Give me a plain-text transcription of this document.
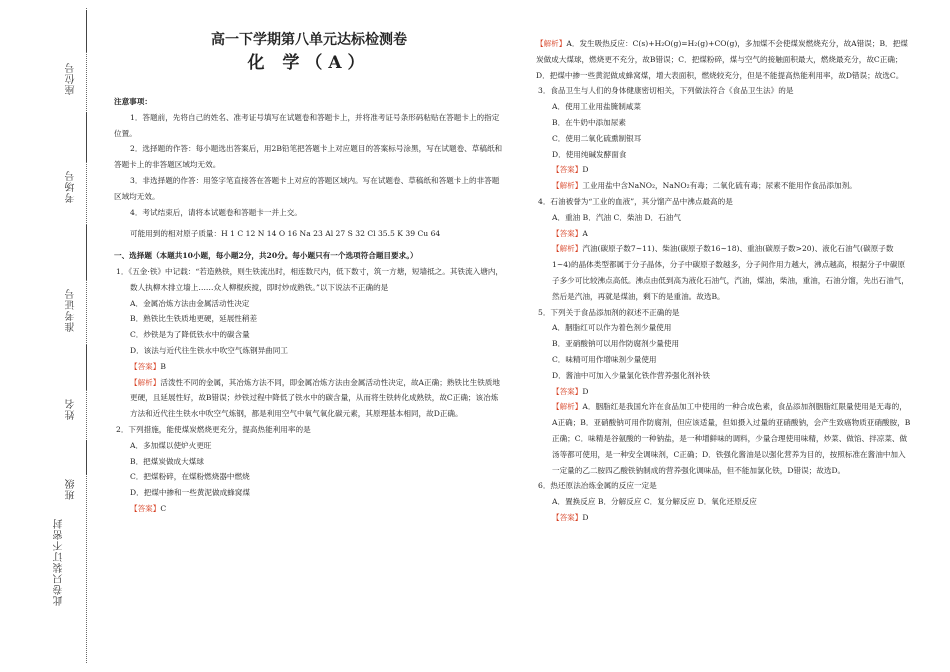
座位号
考场号
准考证号
姓名
班级
此卷只装订不密封
高一下学期第八单元达标检测卷
化 学（A）

注意事项：

1．答题前，先将自己的姓名、准考证号填写在试题卷和答题卡上，并将准考证号条形码粘贴在答题卡上的指定位置。

2．选择题的作答：每小题选出答案后，用2B铅笔把答题卡上对应题目的答案标号涂黑，写在试题卷、草稿纸和答题卡上的非答题区域均无效。

3．非选择题的作答：用签字笔直接答在答题卡上对应的答题区域内。写在试题卷、草稿纸和答题卡上的非答题区域均无效。

4．考试结束后，请将本试题卷和答题卡一并上交。

可能用到的相对原子质量：H 1 C 12 N 14 O 16 Na 23 Al 27 S 32 Cl 35.5 K 39 Cu 64

一、选择题（本题共10小题，每小题2分，共20分。每小题只有一个选项符合题目要求。）

1．《五金·铁》中记载：“若造熟铁，则生铁流出时，相连数尺内，低下数寸，筑一方塘，短墙抵之。其铁流入塘内，数人执柳木排立墙上……众人柳棍疾搅，即时炒成熟铁。”以下说法不正确的是

A．金属冶炼方法由金属活动性决定

B．熟铁比生铁质地更硬，延展性稍差

C．炒铁是为了降低铁水中的碳含量

D．该法与近代往生铁水中吹空气炼钢异曲同工

【答案】B

【解析】活泼性不同的金属，其冶炼方法不同，即金属冶炼方法由金属活动性决定，故A正确；熟铁比生铁质地更硬，且延展性好，故B错误；炒铁过程中降低了铁水中的碳含量，从而将生铁转化成熟铁，故C正确；该冶炼方法和近代往生铁水中吹空气炼钢，都是利用空气中氧气氧化碳元素，其原理基本相同，故D正确。

2．下列措施，能使煤炭燃烧更充分，提高热能利用率的是

A．多加煤以使炉火更旺

B．把煤炭做成大煤球

C．把煤粉碎，在煤粉燃烧器中燃烧

D．把煤中掺和一些黄泥做成蜂窝煤

【答案】C

【解析】A．发生吸热反应：C(s)+H₂O(g)=H₂(g)+CO(g)，多加煤不会使煤炭燃烧充分，故A错误；B．把煤炭做成大煤球，燃烧更不充分，故B错误；C．把煤粉碎，煤与空气的接触面积最大，燃烧最充分，故C正确；D．把煤中掺一些黄泥做成蜂窝煤，增大表面积，燃烧较充分，但是不能提高热能利用率，故D错误；故选C。

3．食品卫生与人们的身体健康密切相关，下列做法符合《食品卫生法》的是

A．使用工业用盐腌制咸菜

B．在牛奶中添加尿素

C．使用二氧化硫熏制银耳

D．使用纯碱发酵面食

【答案】D

【解析】工业用盐中含NaNO₂，NaNO₂有毒；二氧化硫有毒；尿素不能用作食品添加剂。

4．石油被誉为“工业的血液”，其分馏产品中沸点最高的是

A．重油 B．汽油 C．柴油 D．石油气

【答案】A

【解析】汽油(碳原子数7~11)、柴油(碳原子数16~18)、重油(碳原子数>20)、液化石油气(碳原子数1~4)的晶体类型都属于分子晶体，分子中碳原子数越多，分子间作用力越大，沸点越高，根据分子中碳原子多少可比较沸点高低。沸点由低到高为液化石油气，汽油，煤油，柴油，重油，石油分馏，先出石油气，然后是汽油，再就是煤油，剩下的是重油。故选B。

5．下列关于食品添加剂的叙述不正确的是

A．胭脂红可以作为着色剂少量使用

B．亚硝酸钠可以用作防腐剂少量使用

C．味精可用作增味剂少量使用

D．酱油中可加入少量氯化铁作营养强化剂补铁

【答案】D

【解析】A．胭脂红是我国允许在食品加工中使用的一种合成色素，食品添加剂胭脂红限量使用是无毒的，A正确；B．亚硝酸钠可用作防腐剂，但应该适量，但如摄入过量的亚硝酸钠，会产生致癌物质亚硝酸胺，B正确；C．味精是谷氨酸的一种钠盐，是一种增鲜味的调料，少量合理使用味精，炒菜、做馅、拌凉菜、做汤等都可使用，是一种安全调味剂，C正确；D．铁强化酱油是以强化营养为目的，按照标准在酱油中加入一定量的乙二胺四乙酸铁钠制成的营养强化调味品，但不能加氯化铁，D错误；故选D。

6．热还原法冶炼金属的反应一定是

A．置换反应 B．分解反应 C．复分解反应 D．氧化还原反应

【答案】D
